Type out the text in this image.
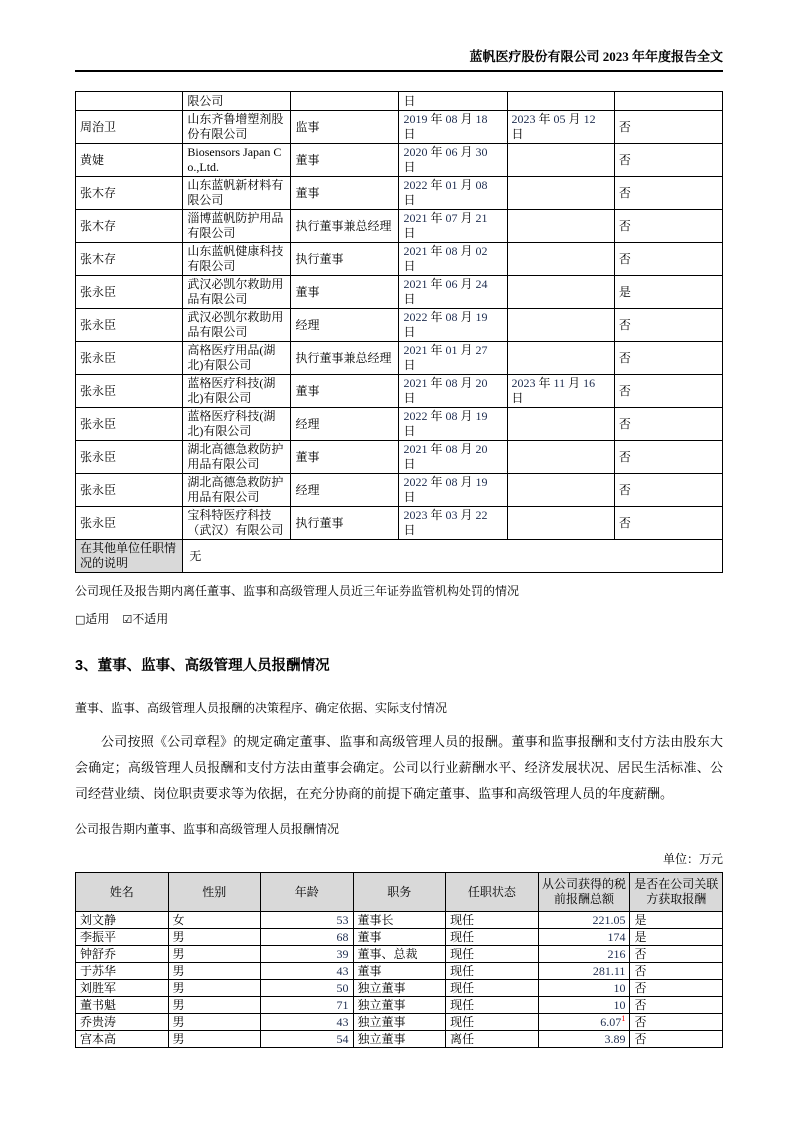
蓝帆医疗股份有限公司 2023 年年度报告全文
	限公司		日		
周治卫	山东齐鲁增塑剂股份有限公司	监事	2019 年 08 月 18 日	2023 年 05 月 12 日	否
黄婕	Biosensors Japan Co.,Ltd.	董事	2020 年 06 月 30 日		否
张木存	山东蓝帆新材料有限公司	董事	2022 年 01 月 08 日		否
张木存	淄博蓝帆防护用品有限公司	执行董事兼总经理	2021 年 07 月 21 日		否
张木存	山东蓝帆健康科技有限公司	执行董事	2021 年 08 月 02 日		否
张永臣	武汉必凯尔救助用品有限公司	董事	2021 年 06 月 24 日		是
张永臣	武汉必凯尔救助用品有限公司	经理	2022 年 08 月 19 日		否
张永臣	高格医疗用品(湖北)有限公司	执行董事兼总经理	2021 年 01 月 27 日		否
张永臣	蓝格医疗科技(湖北)有限公司	董事	2021 年 08 月 20 日	2023 年 11 月 16 日	否
张永臣	蓝格医疗科技(湖北)有限公司	经理	2022 年 08 月 19 日		否
张永臣	湖北高德急救防护用品有限公司	董事	2021 年 08 月 20 日		否
张永臣	湖北高德急救防护用品有限公司	经理	2022 年 08 月 19 日		否
张永臣	宝科特医疗科技（武汉）有限公司	执行董事	2023 年 03 月 22 日		否
在其他单位任职情况的说明	无				

公司现任及报告期内离任董事、监事和高级管理人员近三年证券监管机构处罚的情况

□适用 ☑不适用

3、董事、监事、高级管理人员报酬情况

董事、监事、高级管理人员报酬的决策程序、确定依据、实际支付情况

公司按照《公司章程》的规定确定董事、监事和高级管理人员的报酬。董事和监事报酬和支付方法由股东大会确定；高级管理人员报酬和支付方法由董事会确定。公司以行业薪酬水平、经济发展状况、居民生活标准、公司经营业绩、岗位职责要求等为依据，在充分协商的前提下确定董事、监事和高级管理人员的年度薪酬。

公司报告期内董事、监事和高级管理人员报酬情况

单位：万元
姓名	性别	年龄	职务	任职状态	从公司获得的税前报酬总额	是否在公司关联方获取报酬
刘文静	女	53	董事长	现任	221.05	是
李振平	男	68	董事	现任	174	是
钟舒乔	男	39	董事、总裁	现任	216	否
于苏华	男	43	董事	现任	281.11	否
刘胜军	男	50	独立董事	现任	10	否
董书魁	男	71	独立董事	现任	10	否
乔贵涛	男	43	独立董事	现任	6.07$^1$	否
宫本高	男	54	独立董事	离任	3.89	否
